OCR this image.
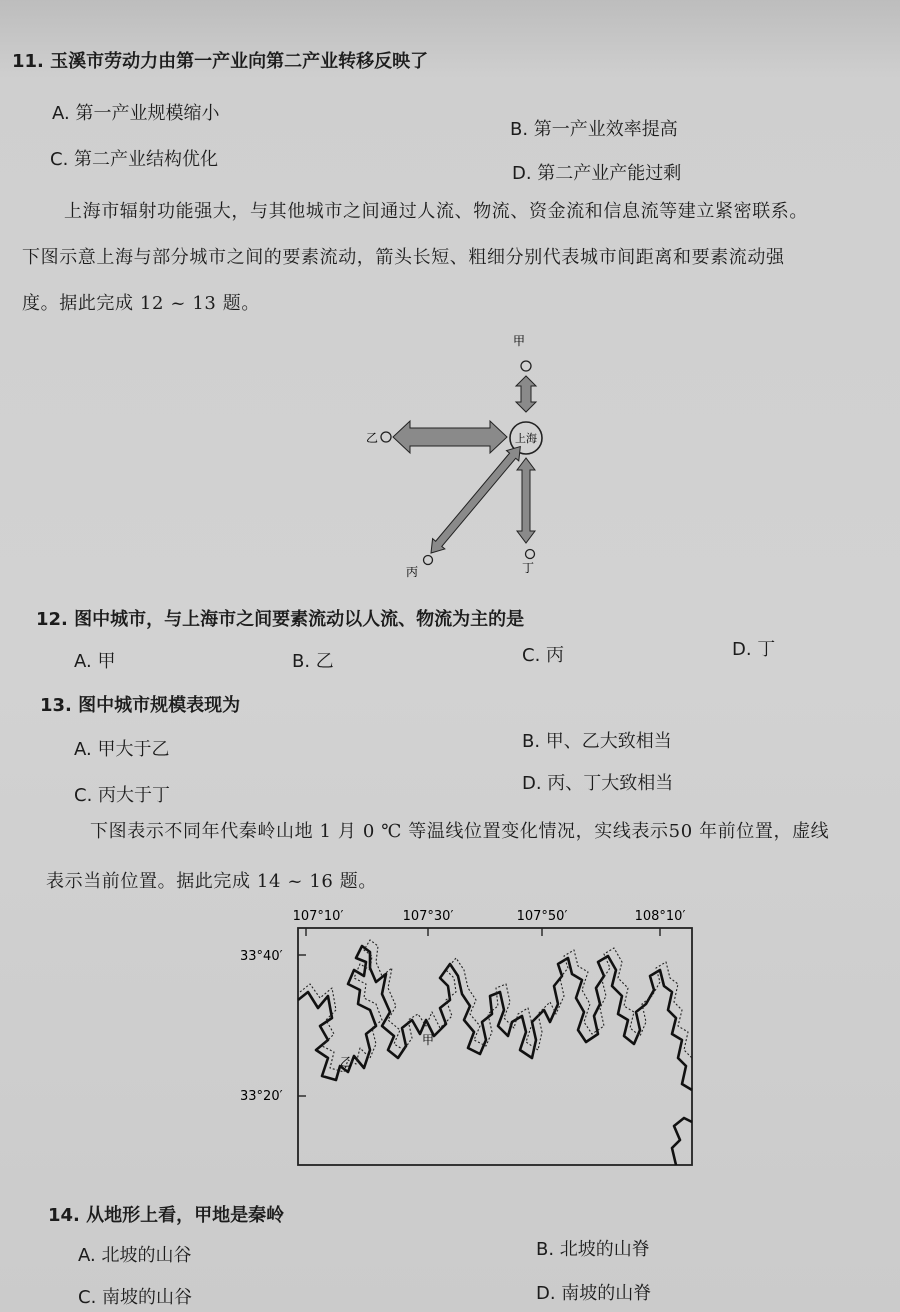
11. 玉溪市劳动力由第一产业向第二产业转移反映了
A. 第一产业规模缩小
B. 第一产业效率提高
C. 第二产业结构优化
D. 第二产业产能过剩
上海市辐射功能强大，与其他城市之间通过人流、物流、资金流和信息流等建立紧密联系。
下图示意上海与部分城市之间的要素流动，箭头长短、粗细分别代表城市间距离和要素流动强
度。据此完成 12 ~ 13 题。
甲
乙	上海
丙	丁
12. 图中城市，与上海市之间要素流动以人流、物流为主的是
A. 甲	B. 乙	C. 丙	D. 丁
13. 图中城市规模表现为
A. 甲大于乙	B. 甲、乙大致相当
C. 丙大于丁
D. 丙、丁大致相当
下图表示不同年代秦岭山地 1 月 0 ℃ 等温线位置变化情况，实线表示50 年前位置，虚线
表示当前位置。据此完成 14 ~ 16 题。
107°10′	107°30′	107°50′	108°10′
33°40′
33°20′
甲
乙
14. 从地形上看，甲地是秦岭
A. 北坡的山谷	B. 北坡的山脊
C. 南坡的山谷	D. 南坡的山脊
